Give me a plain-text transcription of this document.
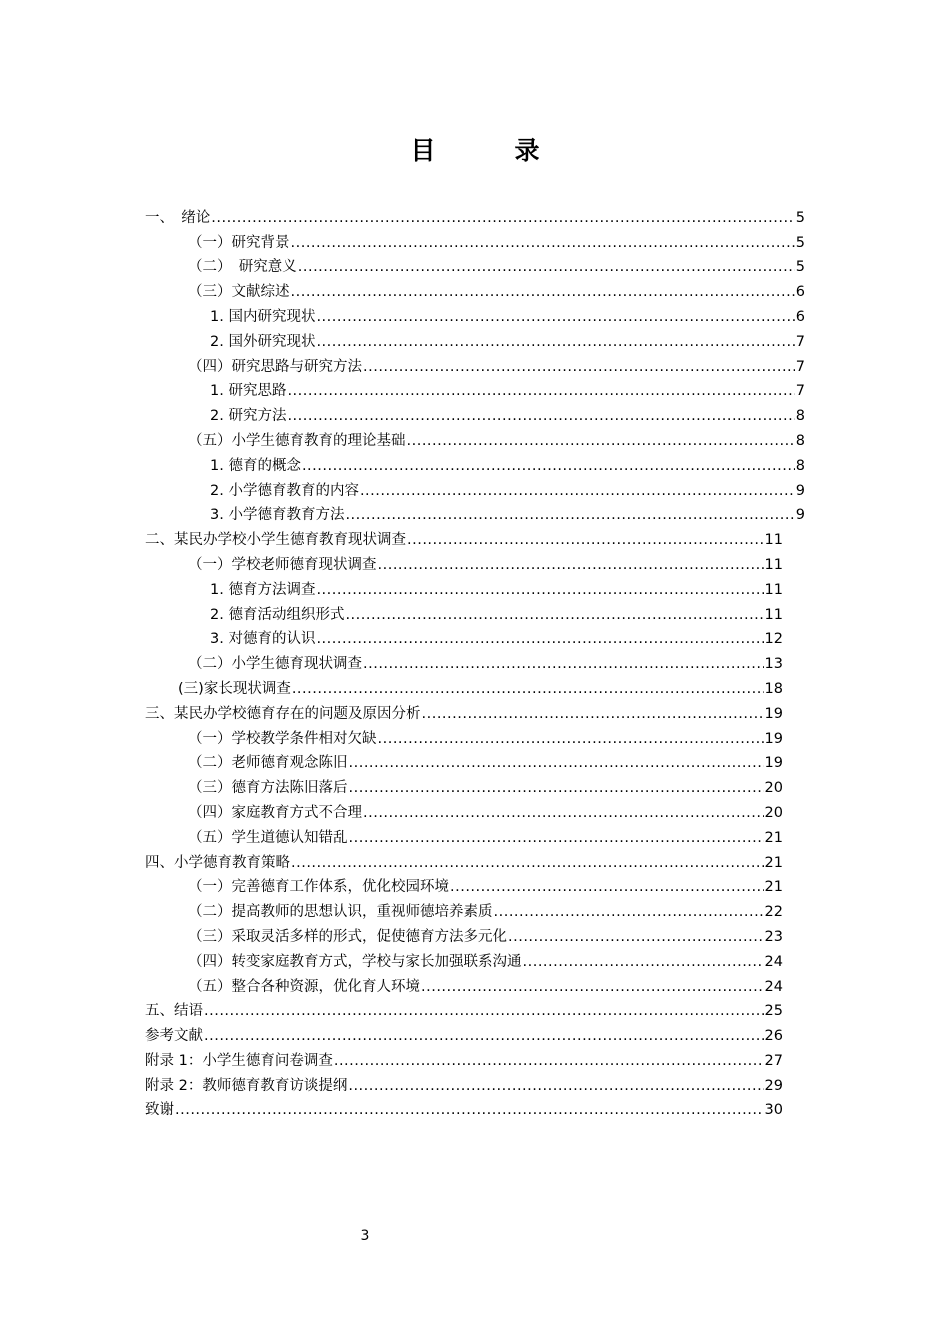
目　录
一、　绪论 .....	5
（一）研究背景 .....	5
（二）　研究意义 .....	5
（三）文献综述 .....	6
1. 国内研究现状 .....	6
2. 国外研究现状 .....	7
（四）研究思路与研究方法 .....	7
1. 研究思路 .....	7
2. 研究方法 .....	8
（五）小学生德育教育的理论基础 .....	8
1. 德育的概念 .....	8
2. 小学德育教育的内容 .....	9
3. 小学德育教育方法 .....	9
二、某民办学校小学生德育教育现状调查 .....	11
（一）学校老师德育现状调查 .....	11
1. 德育方法调查 .....	11
2. 德育活动组织形式 .....	11
3. 对德育的认识 .....	12
（二）小学生德育现状调查 .....	13
(三)家长现状调查 .....	18
三、某民办学校德育存在的问题及原因分析 .....	19
（一）学校教学条件相对欠缺 .....	19
（二）老师德育观念陈旧 .....	19
（三）德育方法陈旧落后 .....	20
（四）家庭教育方式不合理 .....	20
（五）学生道德认知错乱 .....	21
四、小学德育教育策略 .....	21
（一）完善德育工作体系，优化校园环境 .....	21
（二）提高教师的思想认识，重视师德培养素质 .....	22
（三）采取灵活多样的形式，促使德育方法多元化 .....	23
（四）转变家庭教育方式，学校与家长加强联系沟通 .....	24
（五）整合各种资源，优化育人环境 .....	24
五、结语 .....	25
参考文献 .....	26
附录 1：小学生德育问卷调查 .....	27
附录 2：教师德育教育访谈提纲 .....	29
致谢 .....	30
3
